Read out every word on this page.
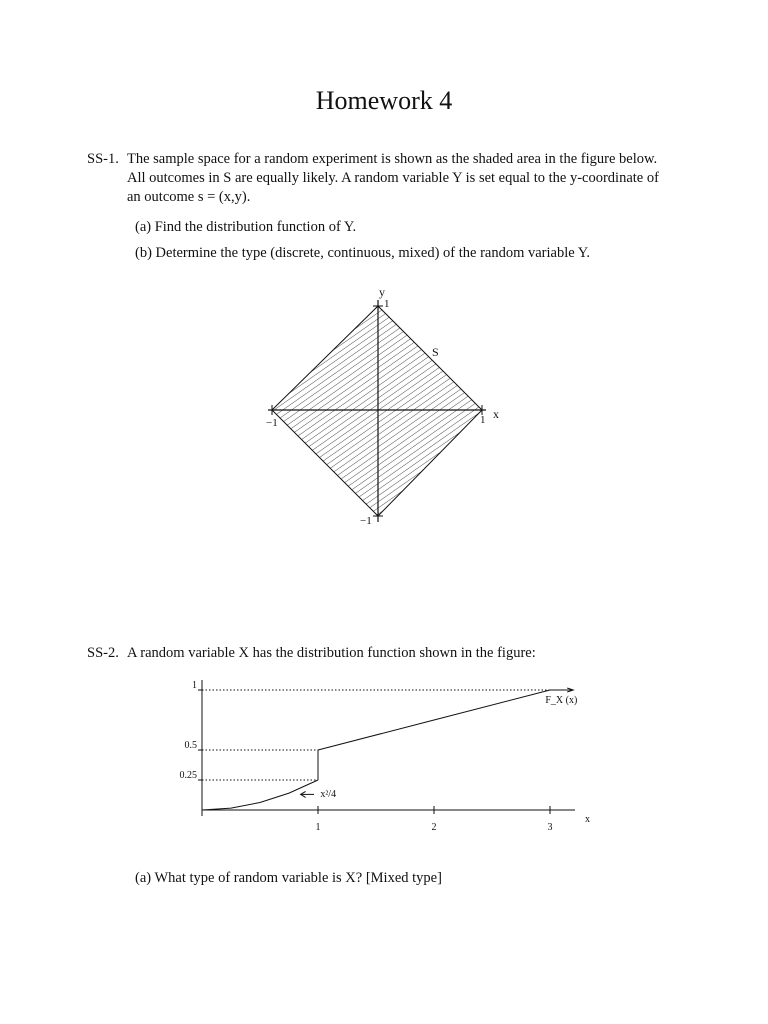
Homework 4
SS-1. The sample space for a random experiment is shown as the shaded area in the figure below.
All outcomes in S are equally likely. A random variable Y is set equal to the y-coordinate of
an outcome s = (x,y).
(a) Find the distribution function of Y.
(b) Determine the type (discrete, continuous, mixed) of the random variable Y.
y
1
S
x
−1	1
−1
SS-2. A random variable X has the distribution function shown in the figure:
0.25
0.5
1
1	2	3
x
F_X (x)
x²/4
(a) What type of random variable is X? [Mixed type]
